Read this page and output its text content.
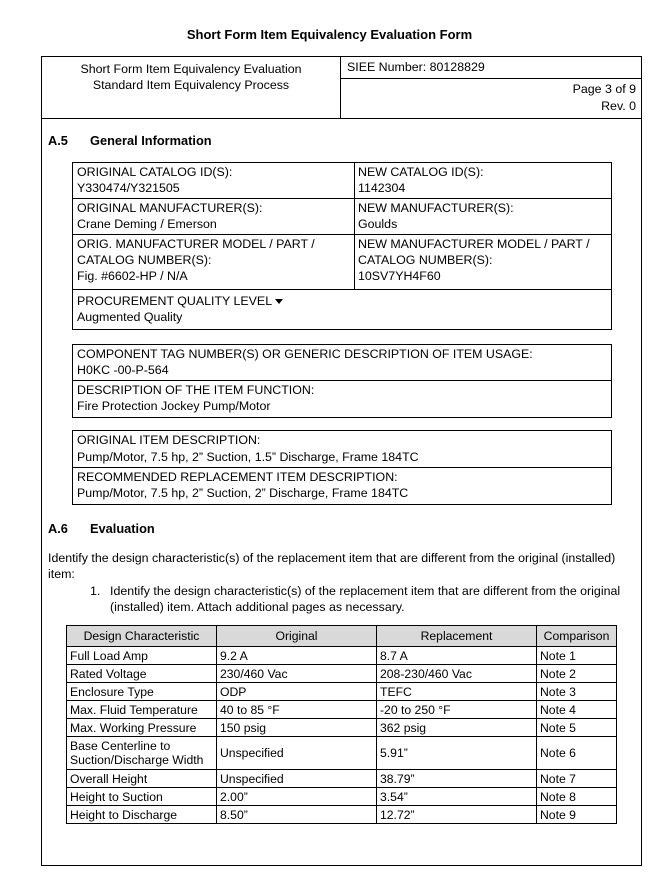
Short Form Item Equivalency Evaluation Form
Short Form Item Equivalency Evaluation
Standard Item Equivalency Process
SIEE Number: 80128829
Page 3 of 9
Rev. 0
A.5 General Information
ORIGINAL CATALOG ID(S):
Y330474/Y321505
NEW CATALOG ID(S):
1142304
ORIGINAL MANUFACTURER(S):
Crane Deming / Emerson
NEW MANUFACTURER(S):
Goulds
ORIG. MANUFACTURER MODEL / PART /
CATALOG NUMBER(S):
Fig. #6602-HP / N/A
NEW MANUFACTURER MODEL / PART /
CATALOG NUMBER(S):
10SV7YH4F60
PROCUREMENT QUALITY LEVEL
Augmented Quality
COMPONENT TAG NUMBER(S) OR GENERIC DESCRIPTION OF ITEM USAGE:
H0KC -00-P-564
DESCRIPTION OF THE ITEM FUNCTION:
Fire Protection Jockey Pump/Motor
ORIGINAL ITEM DESCRIPTION:
Pump/Motor, 7.5 hp, 2” Suction, 1.5” Discharge, Frame 184TC
RECOMMENDED REPLACEMENT ITEM DESCRIPTION:
Pump/Motor, 7.5 hp, 2” Suction, 2” Discharge, Frame 184TC
A.6 Evaluation
Identify the design characteristic(s) of the replacement item that are different from the original (installed)
item:
1. Identify the design characteristic(s) of the replacement item that are different from the original
(installed) item. Attach additional pages as necessary.
Design Characteristic	Original	Replacement	Comparison
Full Load Amp	9.2 A	8.7 A	Note 1
Rated Voltage	230/460 Vac	208-230/460 Vac	Note 2
Enclosure Type	ODP	TEFC	Note 3
Max. Fluid Temperature	40 to 85 °F	-20 to 250 °F	Note 4
Max. Working Pressure	150 psig	362 psig	Note 5
Base Centerline to Suction/Discharge Width	Unspecified	5.91”	Note 6
Overall Height	Unspecified	38.79”	Note 7
Height to Suction	2.00”	3.54”	Note 8
Height to Discharge	8.50”	12.72”	Note 9
